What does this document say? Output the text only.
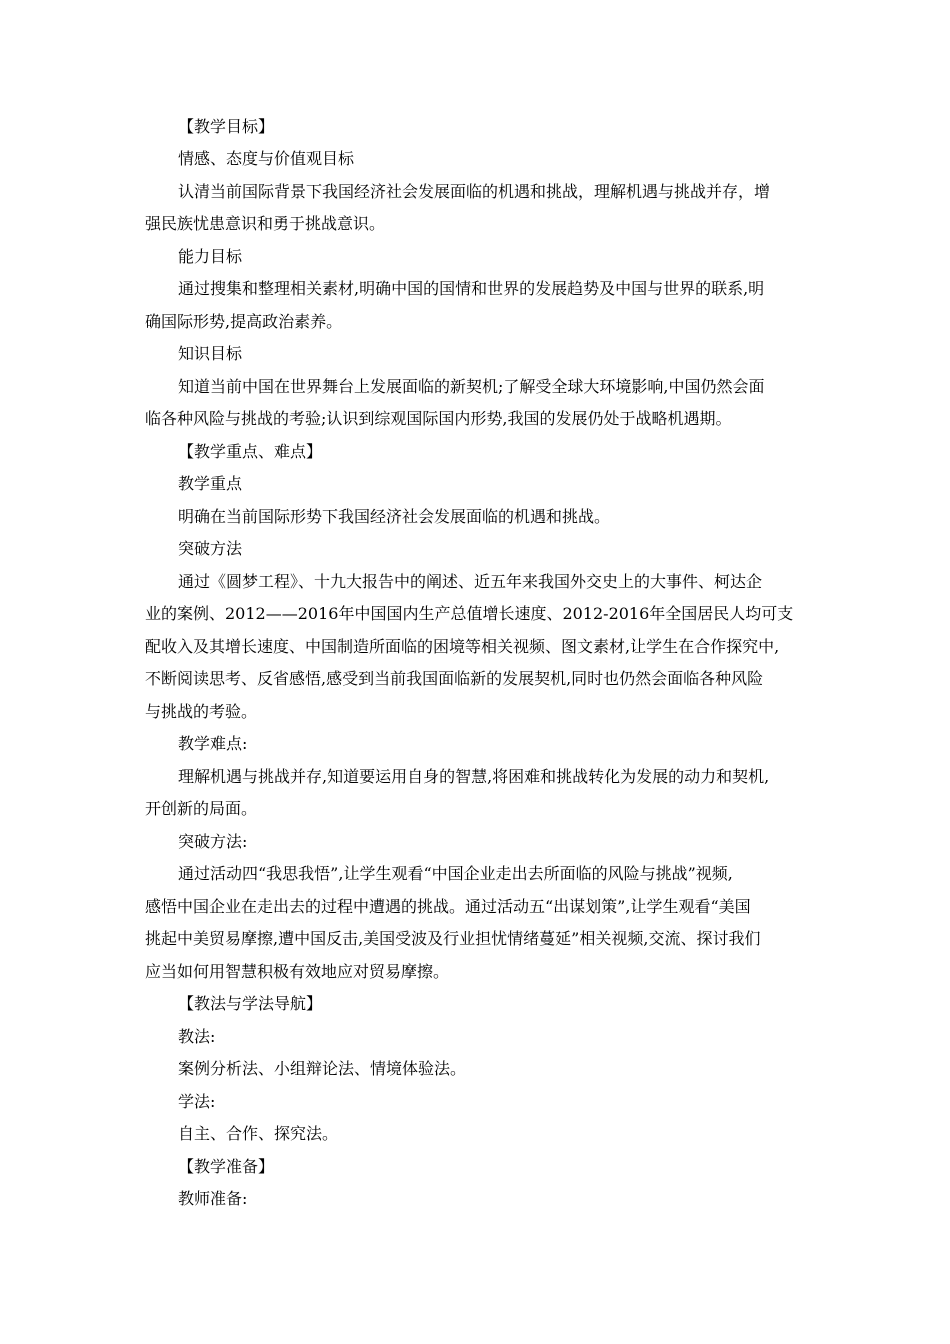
【教学目标】
情感、态度与价值观目标
认清当前国际背景下我国经济社会发展面临的机遇和挑战，理解机遇与挑战并存，增
强民族忧患意识和勇于挑战意识。
能力目标
通过搜集和整理相关素材,明确中国的国情和世界的发展趋势及中国与世界的联系,明
确国际形势,提高政治素养。
知识目标
知道当前中国在世界舞台上发展面临的新契机;了解受全球大环境影响,中国仍然会面
临各种风险与挑战的考验;认识到综观国际国内形势,我国的发展仍处于战略机遇期。
【教学重点、难点】
教学重点
明确在当前国际形势下我国经济社会发展面临的机遇和挑战。
突破方法
通过《圆梦工程》、十九大报告中的阐述、近五年来我国外交史上的大事件、柯达企
业的案例、2012——2016年中国国内生产总值增长速度、2012-2016年全国居民人均可支
配收入及其增长速度、中国制造所面临的困境等相关视频、图文素材,让学生在合作探究中,
不断阅读思考、反省感悟,感受到当前我国面临新的发展契机,同时也仍然会面临各种风险
与挑战的考验。
教学难点:
理解机遇与挑战并存,知道要运用自身的智慧,将困难和挑战转化为发展的动力和契机,
开创新的局面。
突破方法:
通过活动四“我思我悟”,让学生观看“中国企业走出去所面临的风险与挑战”视频,
感悟中国企业在走出去的过程中遭遇的挑战。通过活动五“出谋划策”,让学生观看“美国
挑起中美贸易摩擦,遭中国反击,美国受波及行业担忧情绪蔓延”相关视频,交流、探讨我们
应当如何用智慧积极有效地应对贸易摩擦。
【教法与学法导航】
教法:
案例分析法、小组辩论法、情境体验法。
学法:
自主、合作、探究法。
【教学准备】
教师准备:
